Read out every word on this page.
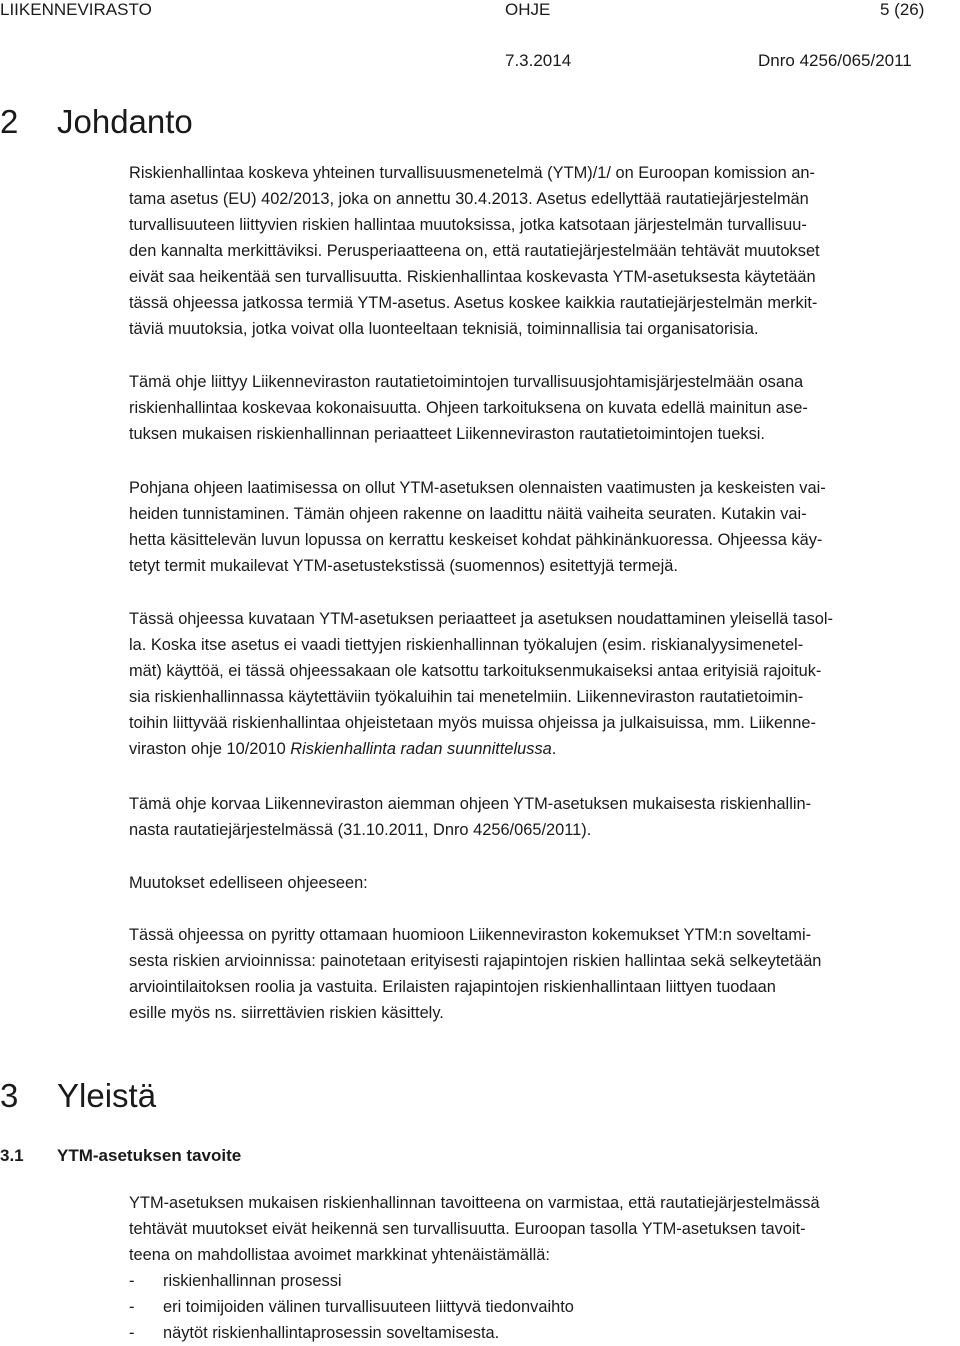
LIIKENNEVIRASTO	OHJE	5 (26)
7.3.2014	Dnro 4256/065/2011
2 Johdanto
Riskienhallintaa koskeva yhteinen turvallisuusmenetelmä (YTM)/1/ on Euroopan komission an-
tama asetus (EU) 402/2013, joka on annettu 30.4.2013. Asetus edellyttää rautatiejärjestelmän
turvallisuuteen liittyvien riskien hallintaa muutoksissa, jotka katsotaan järjestelmän turvallisuu-
den kannalta merkittäviksi. Perusperiaatteena on, että rautatiejärjestelmään tehtävät muutokset
eivät saa heikentää sen turvallisuutta. Riskienhallintaa koskevasta YTM-asetuksesta käytetään
tässä ohjeessa jatkossa termiä YTM-asetus. Asetus koskee kaikkia rautatiejärjestelmän merkit-
täviä muutoksia, jotka voivat olla luonteeltaan teknisiä, toiminnallisia tai organisatorisia.
Tämä ohje liittyy Liikenneviraston rautatietoimintojen turvallisuusjohtamisjärjestelmään osana
riskienhallintaa koskevaa kokonaisuutta. Ohjeen tarkoituksena on kuvata edellä mainitun ase-
tuksen mukaisen riskienhallinnan periaatteet Liikenneviraston rautatietoimintojen tueksi.
Pohjana ohjeen laatimisessa on ollut YTM-asetuksen olennaisten vaatimusten ja keskeisten vai-
heiden tunnistaminen. Tämän ohjeen rakenne on laadittu näitä vaiheita seuraten. Kutakin vai-
hetta käsittelevän luvun lopussa on kerrattu keskeiset kohdat pähkinänkuoressa. Ohjeessa käy-
tetyt termit mukailevat YTM-asetustekstissä (suomennos) esitettyjä termejä.
Tässä ohjeessa kuvataan YTM-asetuksen periaatteet ja asetuksen noudattaminen yleisellä tasol-
la. Koska itse asetus ei vaadi tiettyjen riskienhallinnan työkalujen (esim. riskianalyysimenetel-
mät) käyttöä, ei tässä ohjeessakaan ole katsottu tarkoituksenmukaiseksi antaa erityisiä rajoituk-
sia riskienhallinnassa käytettäviin työkaluihin tai menetelmiin. Liikenneviraston rautatietoimin-
toihin liittyvää riskienhallintaa ohjeistetaan myös muissa ohjeissa ja julkaisuissa, mm. Liikenne-
viraston ohje 10/2010 Riskienhallinta radan suunnittelussa.
Tämä ohje korvaa Liikenneviraston aiemman ohjeen YTM-asetuksen mukaisesta riskienhallin-
nasta rautatiejärjestelmässä (31.10.2011, Dnro 4256/065/2011).
Muutokset edelliseen ohjeeseen:
Tässä ohjeessa on pyritty ottamaan huomioon Liikenneviraston kokemukset YTM:n soveltami-
sesta riskien arvioinnissa: painotetaan erityisesti rajapintojen riskien hallintaa sekä selkeytetään
arviointilaitoksen roolia ja vastuita. Erilaisten rajapintojen riskienhallintaan liittyen tuodaan
esille myös ns. siirrettävien riskien käsittely.
3 Yleistä
3.1 YTM-asetuksen tavoite
YTM-asetuksen mukaisen riskienhallinnan tavoitteena on varmistaa, että rautatiejärjestelmässä
tehtävät muutokset eivät heikennä sen turvallisuutta. Euroopan tasolla YTM-asetuksen tavoit-
teena on mahdollistaa avoimet markkinat yhtenäistämällä:
- riskienhallinnan prosessi
- eri toimijoiden välinen turvallisuuteen liittyvä tiedonvaihto
- näytöt riskienhallintaprosessin soveltamisesta.
